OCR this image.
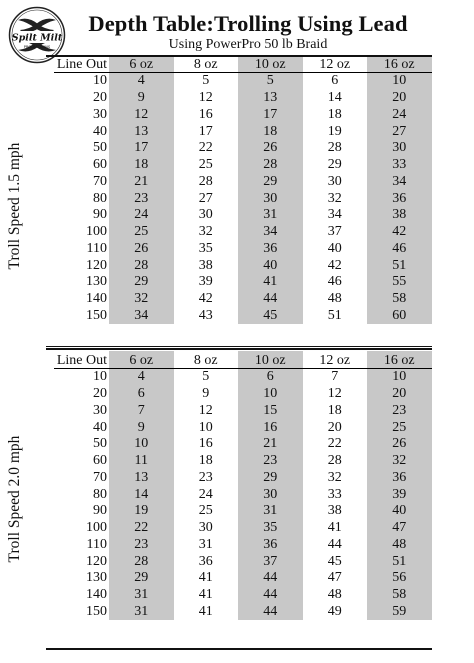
Spilt Milt
PRODUCTIONS
Depth Table:Trolling Using Lead
Using PowerPro 50 lb Braid
Line Out	6 oz	8 oz	10 oz	12 oz	16 oz
10	4	5	5	6	10
20	9	12	13	14	20
30	12	16	17	18	24
40	13	17	18	19	27
50	17	22	26	28	30
60	18	25	28	29	33
70	21	28	29	30	34
80	23	27	30	32	36
90	24	30	31	34	38
100	25	32	34	37	42
110	26	35	36	40	46
120	28	38	40	42	51
130	29	39	41	46	55
140	32	42	44	48	58
150	34	43	45	51	60
Line Out	6 oz	8 oz	10 oz	12 oz	16 oz
10	4	5	6	7	10
20	6	9	10	12	20
30	7	12	15	18	23
40	9	10	16	20	25
50	10	16	21	22	26
60	11	18	23	28	32
70	13	23	29	32	36
80	14	24	30	33	39
90	19	25	31	38	40
100	22	30	35	41	47
110	23	31	36	44	48
120	28	36	37	45	51
130	29	41	44	47	56
140	31	41	44	48	58
150	31	41	44	49	59
Troll Speed 1.5 mph
Troll Speed 2.0 mph
